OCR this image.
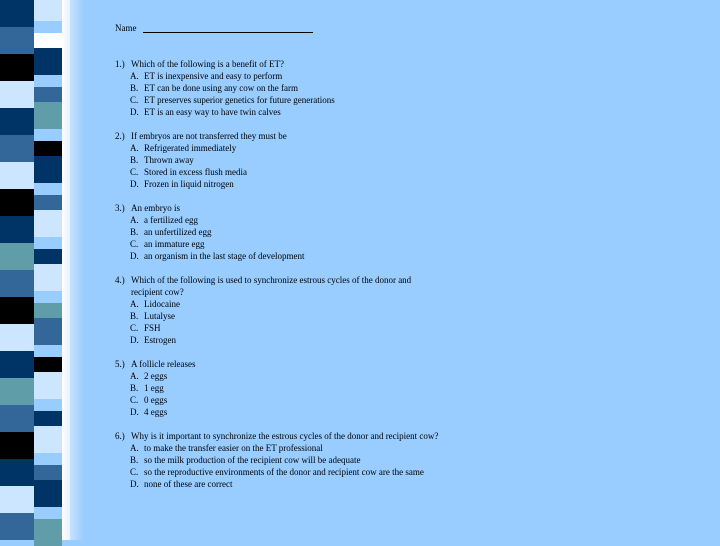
Name
1.) Which of the following is a benefit of ET?
A. ET is inexpensive and easy to perform
B. ET can be done using any cow on the farm
C. ET preserves superior genetics for future generations
D. ET is an easy way to have twin calves
2.) If embryos are not transferred they must be
A. Refrigerated immediately
B. Thrown away
C. Stored in excess flush media
D. Frozen in liquid nitrogen
3.) An embryo is
A. a fertilized egg
B. an unfertilized egg
C. an immature egg
D. an organism in the last stage of development
4.) Which of the following is used to synchronize estrous cycles of the donor and
recipient cow?
A. Lidocaine
B. Lutalyse
C. FSH
D. Estrogen
5.) A follicle releases
A. 2 eggs
B. 1 egg
C. 0 eggs
D. 4 eggs
6.) Why is it important to synchronize the estrous cycles of the donor and recipient cow?
A. to make the transfer easier on the ET professional
B. so the milk production of the recipient cow will be adequate
C. so the reproductive environments of the donor and recipient cow are the same
D. none of these are correct
